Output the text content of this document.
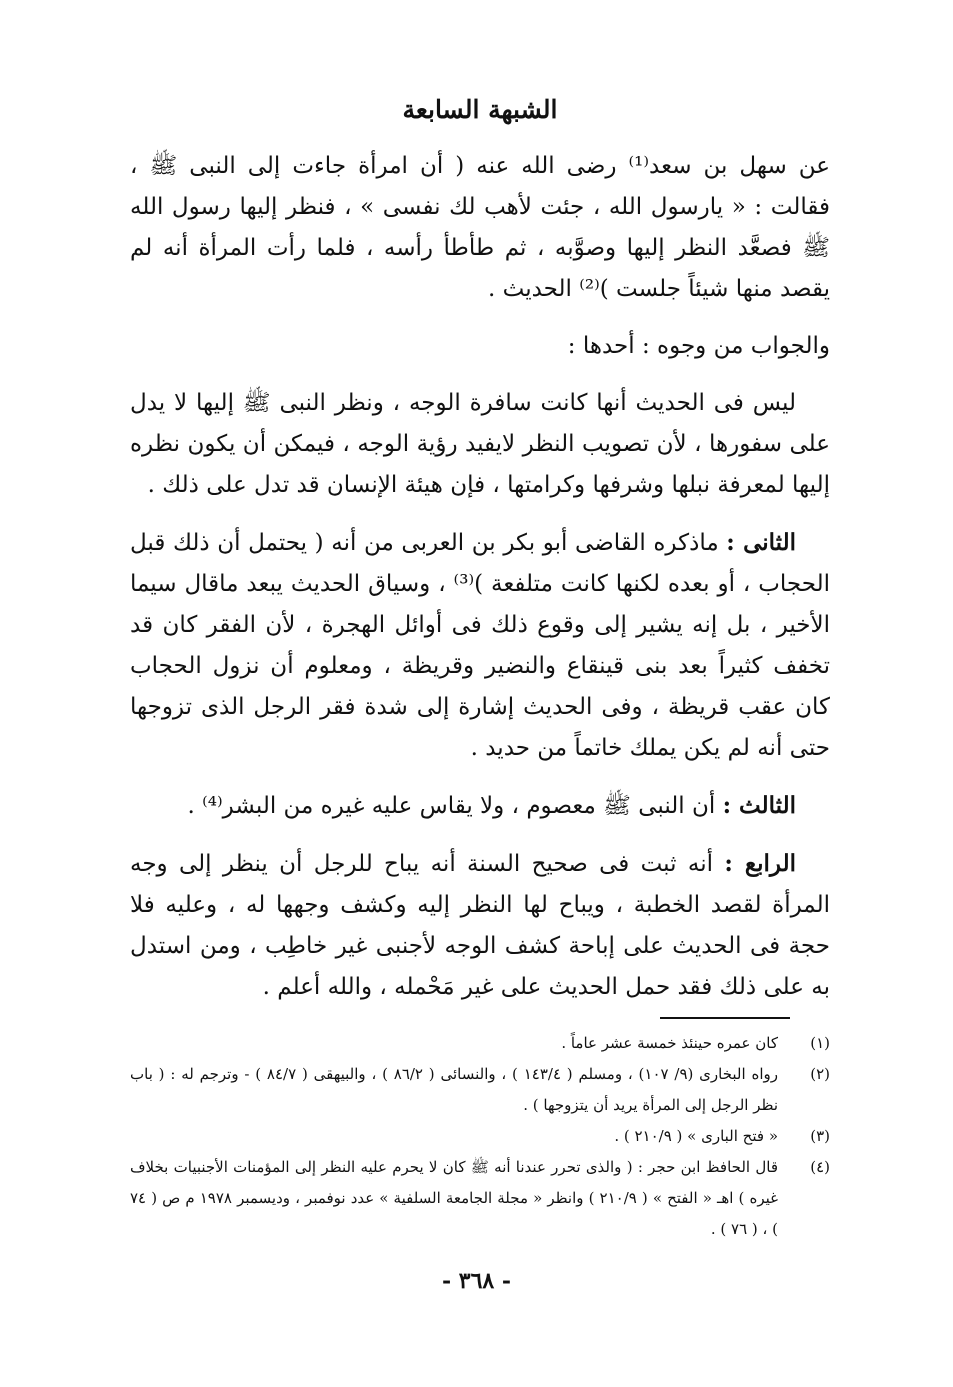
الشبهة السابعة

عن سهل بن سعد⁽¹⁾ رضى الله عنه ( أن امرأة جاءت إلى النبى ﷺ ، فقالت : « يارسول الله ، جئت لأهب لك نفسى » ، فنظر إليها رسول الله ﷺ فصعَّد النظر إليها وصوَّبه ، ثم طأطأ رأسه ، فلما رأت المرأة أنه لم يقصد منها شيئاً جلست )⁽²⁾ الحديث .

والجواب من وجوه : أحدها :

ليس فى الحديث أنها كانت سافرة الوجه ، ونظر النبى ﷺ إليها لا يدل على سفورها ، لأن تصويب النظر لايفيد رؤية الوجه ، فيمكن أن يكون نظره إليها لمعرفة نبلها وشرفها وكرامتها ، فإن هيئة الإنسان قد تدل على ذلك .

الثانى : ماذكره القاضى أبو بكر بن العربى من أنه ( يحتمل أن ذلك قبل الحجاب ، أو بعده لكنها كانت متلفعة )⁽³⁾ ، وسياق الحديث يبعد ماقال سيما الأخير ، بل إنه يشير إلى وقوع ذلك فى أوائل الهجرة ، لأن الفقر كان قد تخفف كثيراً بعد بنى قينقاع والنضير وقريظة ، ومعلوم أن نزول الحجاب كان عقب قريظة ، وفى الحديث إشارة إلى شدة فقر الرجل الذى تزوجها حتى أنه لم يكن يملك خاتماً من حديد .

الثالث : أن النبى ﷺ معصوم ، ولا يقاس عليه غيره من البشر⁽⁴⁾ .

الرابع : أنه ثبت فى صحيح السنة أنه يباح للرجل أن ينظر إلى وجه المرأة لقصد الخطبة ، ويباح لها النظر إليه وكشف وجهها له ، وعليه فلا حجة فى الحديث على إباحة كشف الوجه لأجنبى غير خاطِب ، ومن استدل به على ذلك فقد حمل الحديث على غير مَحْمله ، والله أعلم .

(١)
كان عمره حينئذ خمسة عشر عاماً .
(٢)
رواه البخارى (٩/ ١٠٧) ، ومسلم ( ١٤٣/٤ ) ، والنسائى ( ٨٦/٢ ) ، والبيهقى ( ٨٤/٧ ) - وترجم له : ( باب نظر الرجل إلى المرأة يريد أن يتزوجها ) .
(٣)
« فتح البارى » ( ٢١٠/٩ ) .
(٤)
قال الحافظ ابن حجر : ( والذى تحرر عندنا أنه ﷺ كان لا يحرم عليه النظر إلى المؤمنات الأجنبيات بخلاف غيره ) اهـ « الفتح » ( ٢١٠/٩ ) وانظر « مجلة الجامعة السلفية » عدد نوفمبر ، وديسمبر ١٩٧٨ م ص ( ٧٤ ) ، ( ٧٦ ) .
- ٣٦٨ -
